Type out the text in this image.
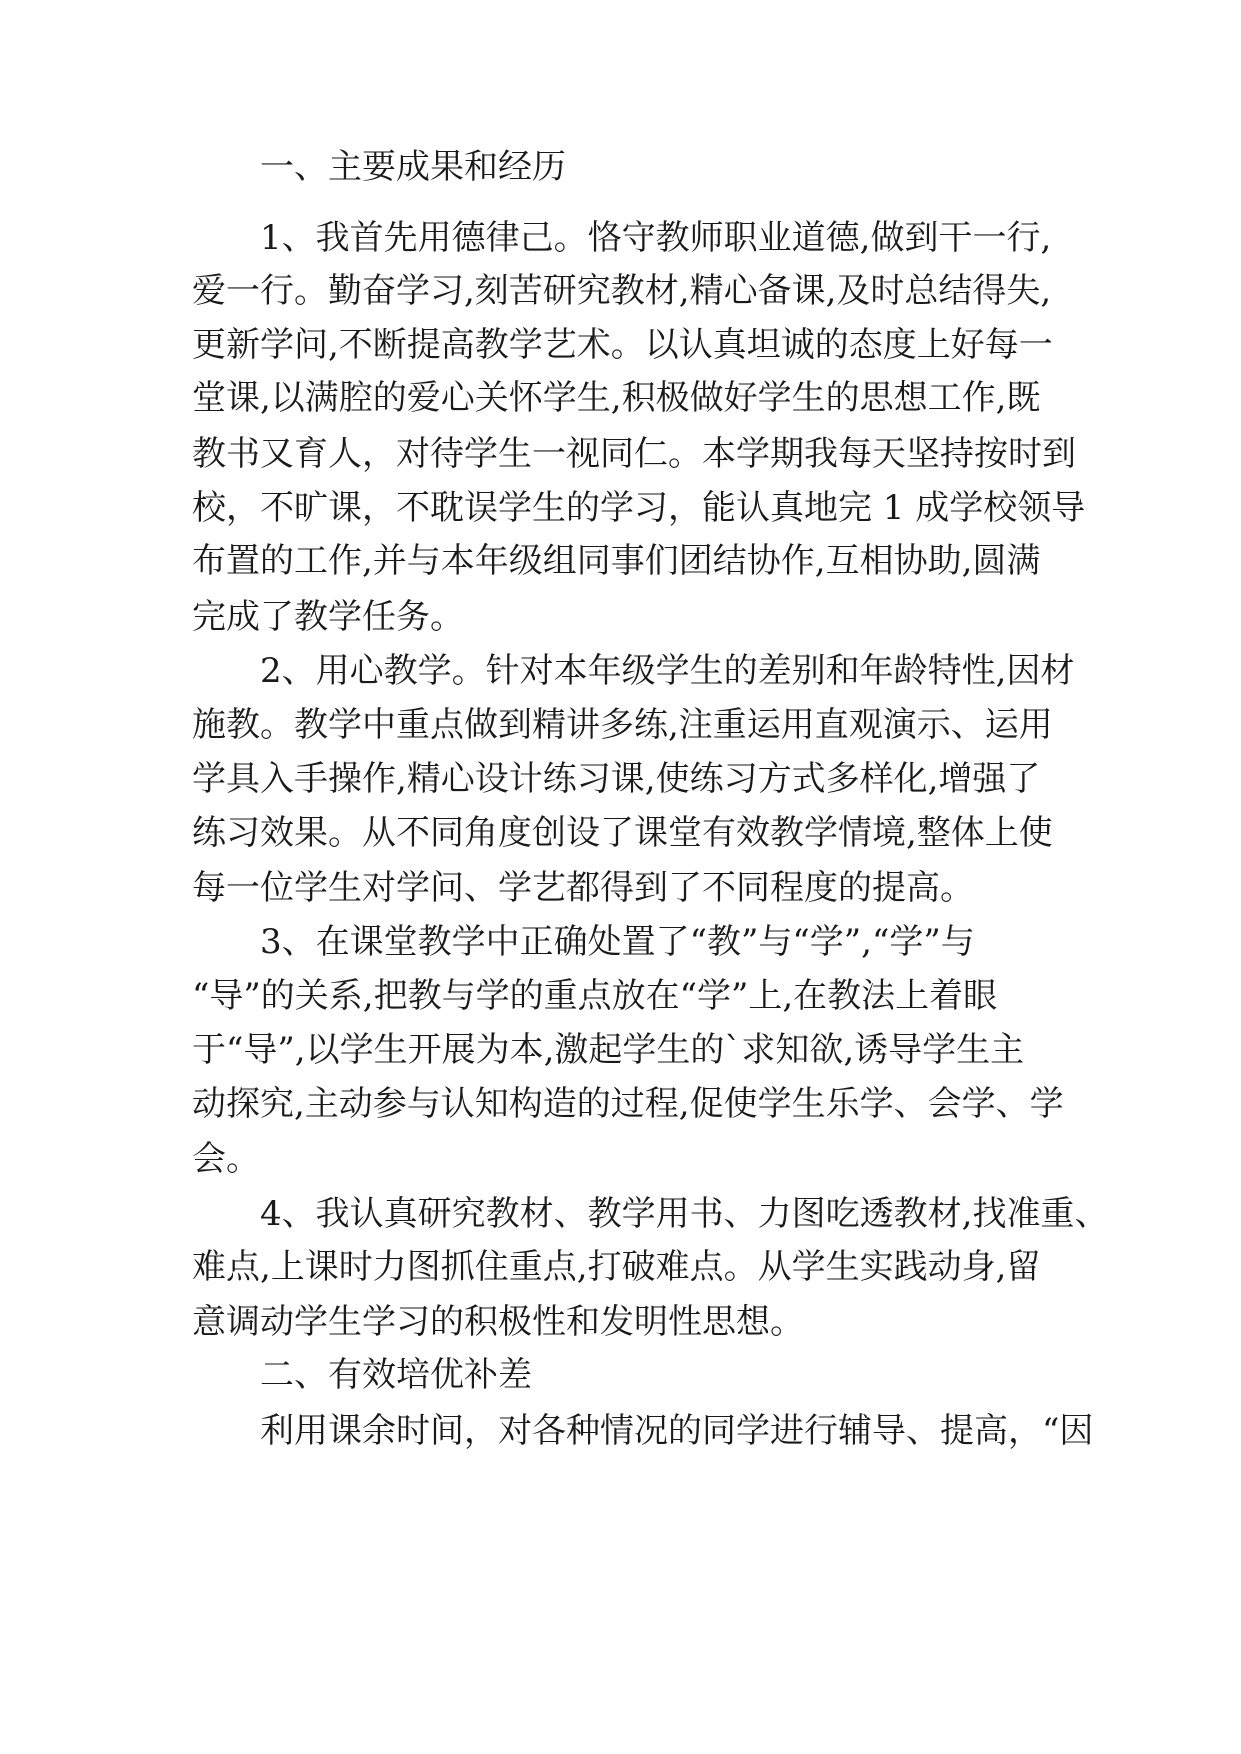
一、主要成果和经历
1、我首先用德律己。恪守教师职业道德,做到干一行,
爱一行。勤奋学习,刻苦研究教材,精心备课,及时总结得失,
更新学问,不断提高教学艺术。以认真坦诚的态度上好每一
堂课,以满腔的爱心关怀学生,积极做好学生的思想工作,既
教书又育人，对待学生一视同仁。本学期我每天坚持按时到
校，不旷课，不耽误学生的学习，能认真地完 1 成学校领导
布置的工作,并与本年级组同事们团结协作,互相协助,圆满
完成了教学任务。
2、用心教学。针对本年级学生的差别和年龄特性,因材
施教。教学中重点做到精讲多练,注重运用直观演示、运用
学具入手操作,精心设计练习课,使练习方式多样化,增强了
练习效果。从不同角度创设了课堂有效教学情境,整体上使
每一位学生对学问、学艺都得到了不同程度的提高。
3、在课堂教学中正确处置了“教”与“学”,“学”与
“导”的关系,把教与学的重点放在“学”上,在教法上着眼
于“导”,以学生开展为本,激起学生的`求知欲,诱导学生主
动探究,主动参与认知构造的过程,促使学生乐学、会学、学
会。
4、我认真研究教材、教学用书、力图吃透教材,找准重、
难点,上课时力图抓住重点,打破难点。从学生实践动身,留
意调动学生学习的积极性和发明性思想。
二、有效培优补差
利用课余时间，对各种情况的同学进行辅导、提高，“因
